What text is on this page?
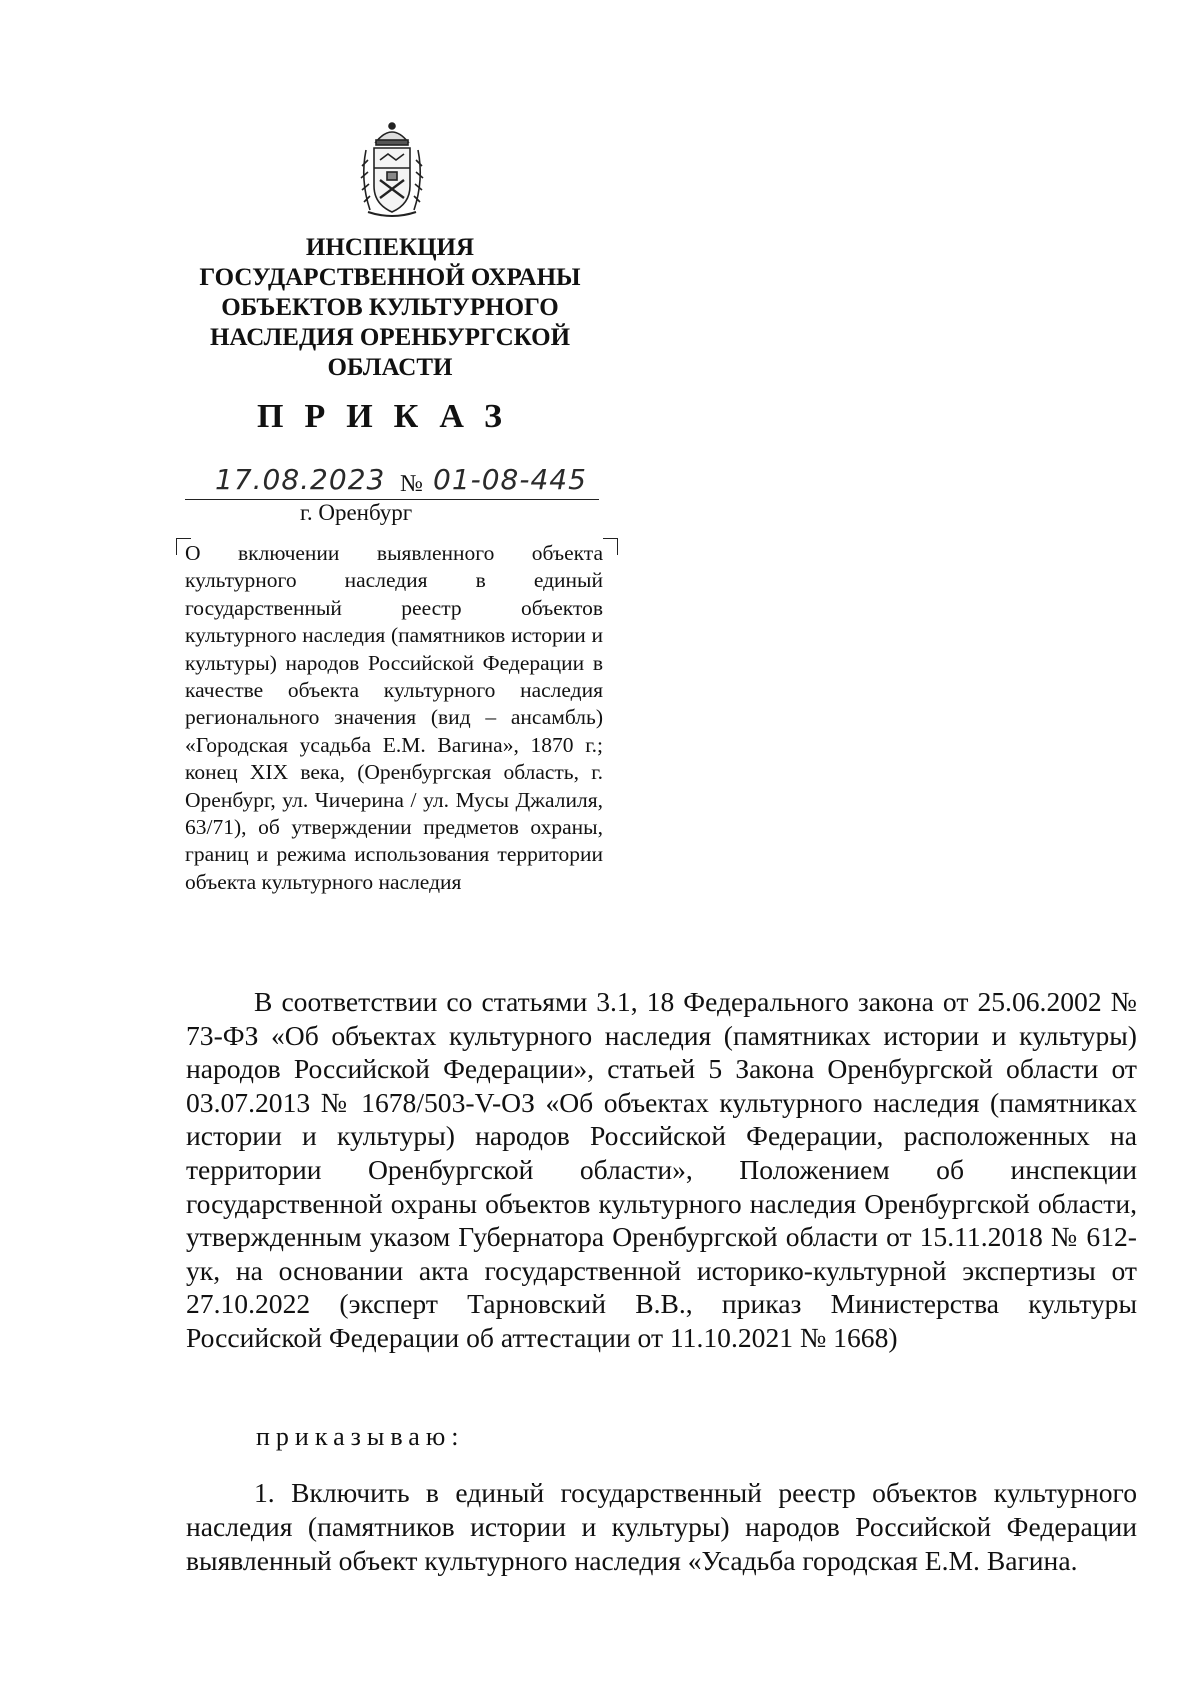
ИНСПЕКЦИЯ
ГОСУДАРСТВЕННОЙ ОХРАНЫ
ОБЪЕКТОВ КУЛЬТУРНОГО
НАСЛЕДИЯ ОРЕНБУРГСКОЙ
ОБЛАСТИ
ПРИКАЗ
17.08.2023 № 01-08-445
г. Оренбург

О включении выявленного объекта культурного наследия в единый государственный реестр объектов культурного наследия (памятников истории и культуры) народов Российской Федерации в качестве объекта культурного наследия регионального значения (вид – ансамбль) «Городская усадьба Е.М. Вагина», 1870 г.; конец XIX века, (Оренбургская область, г. Оренбург, ул. Чичерина / ул. Мусы Джалиля, 63/71), об утверждении предметов охраны, границ и режима использования территории объекта культурного наследия

В соответствии со статьями 3.1, 18 Федерального закона от 25.06.2002 № 73-ФЗ «Об объектах культурного наследия (памятниках истории и культуры) народов Российской Федерации», статьей 5 Закона Оренбургской области от 03.07.2013 № 1678/503-V-ОЗ «Об объектах культурного наследия (памятниках истории и культуры) народов Российской Федерации, расположенных на территории Оренбургской области», Положением об инспекции государственной охраны объектов культурного наследия Оренбургской области, утвержденным указом Губернатора Оренбургской области от 15.11.2018 № 612-ук, на основании акта государственной историко-культурной экспертизы от 27.10.2022 (эксперт Тарновский В.В., приказ Министерства культуры Российской Федерации об аттестации от 11.10.2021 № 1668)

приказываю:

1. Включить в единый государственный реестр объектов культурного наследия (памятников истории и культуры) народов Российской Федерации выявленный объект культурного наследия «Усадьба городская Е.М. Вагина.
